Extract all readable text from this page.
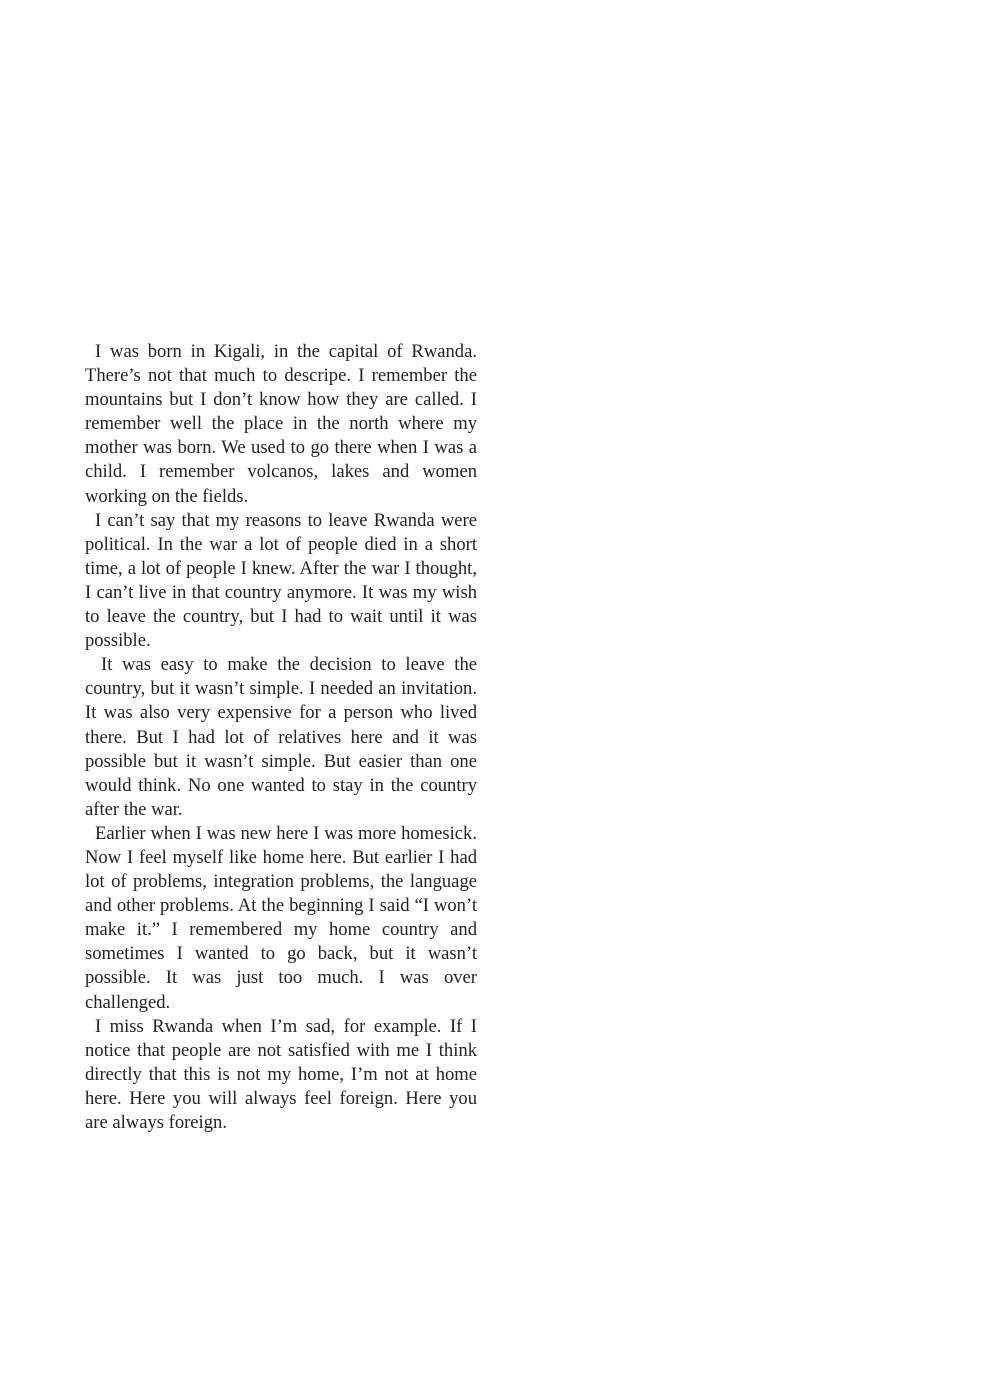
I was born in Kigali, in the capital of Rwanda. There’s not that much to descripe. I remember the mountains but I don’t know how they are called. I remember well the place in the north where my mother was born. We used to go there when I was a child. I remember volcanos, lakes and women working on the fields.

I can’t say that my reasons to leave Rwanda were political. In the war a lot of people died in a short time, a lot of people I knew. After the war I thought, I can’t live in that country anymore. It was my wish to leave the country, but I had to wait until it was possible.

It was easy to make the decision to leave the country, but it wasn’t simple. I needed an invitation. It was also very expensive for a person who lived there. But I had lot of relatives here and it was possible but it wasn’t simple. But easier than one would think. No one wanted to stay in the country after the war.

Earlier when I was new here I was more homesick. Now I feel myself like home here. But earlier I had lot of problems, integration problems, the language and other problems. At the beginning I said “I won’t make it.” I remembered my home country and sometimes I wanted to go back, but it wasn’t possible. It was just too much. I was over challenged.

I miss Rwanda when I’m sad, for example. If I notice that people are not satisfied with me I think directly that this is not my home, I’m not at home here. Here you will always feel foreign. Here you are always foreign.
